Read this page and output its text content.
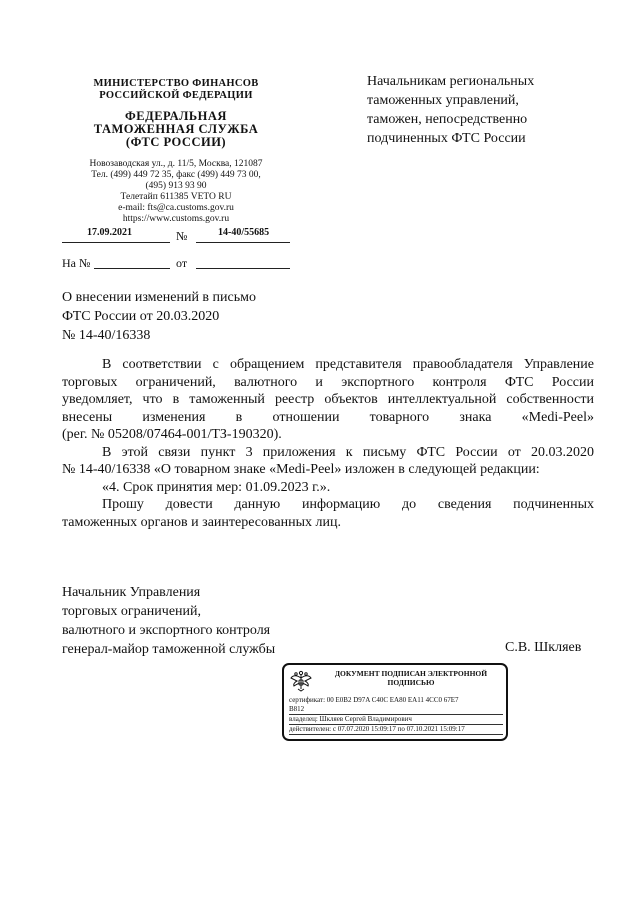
МИНИСТЕРСТВО ФИНАНСОВ
РОССИЙСКОЙ ФЕДЕРАЦИИ
ФЕДЕРАЛЬНАЯ
ТАМОЖЕННАЯ СЛУЖБА
(ФТС РОССИИ)
Новозаводская ул., д. 11/5, Москва, 121087
Тел. (499) 449 72 35, факс (499) 449 73 00,
(495) 913 93 90
Телетайп 611385 VETO RU
e-mail: fts@ca.customs.gov.ru
https://www.customs.gov.ru
Начальникам региональных
таможенных управлений,
таможен, непосредственно
подчиненных ФТС России
17.09.2021	№	14-40/55685
На №	от
О внесении изменений в письмо
ФТС России от 20.03.2020
№ 14-40/16338

В соответствии с обращением представителя правообладателя Управление

торговых ограничений, валютного и экспортного контроля ФТС России

уведомляет, что в таможенный реестр объектов интеллектуальной собственности

внесены изменения в отношении товарного знака «Medi-Peel»

(рег. № 05208/07464-001/ТЗ-190320).

В этой связи пункт 3 приложения к письму ФТС России от 20.03.2020

№ 14-40/16338 «О товарном знаке «Medi-Peel» изложен в следующей редакции:

«4. Срок принятия мер: 01.09.2023 г.».

Прошу довести данную информацию до сведения подчиненных

таможенных органов и заинтересованных лиц.

Начальник Управления
торговых ограничений,
валютного и экспортного контроля
генерал-майор таможенной службы	С.В. Шкляев
ДОКУМЕНТ ПОДПИСАН ЭЛЕКТРОННОЙ
ПОДПИСЬЮ
сертификат: 00 E0B2 D97A C40C EA80 EA11 4CC0 67E7
B812
владелец: Шкляев Сергей Владимирович
действителен: с 07.07.2020 15:09:17 по 07.10.2021 15:09:17
